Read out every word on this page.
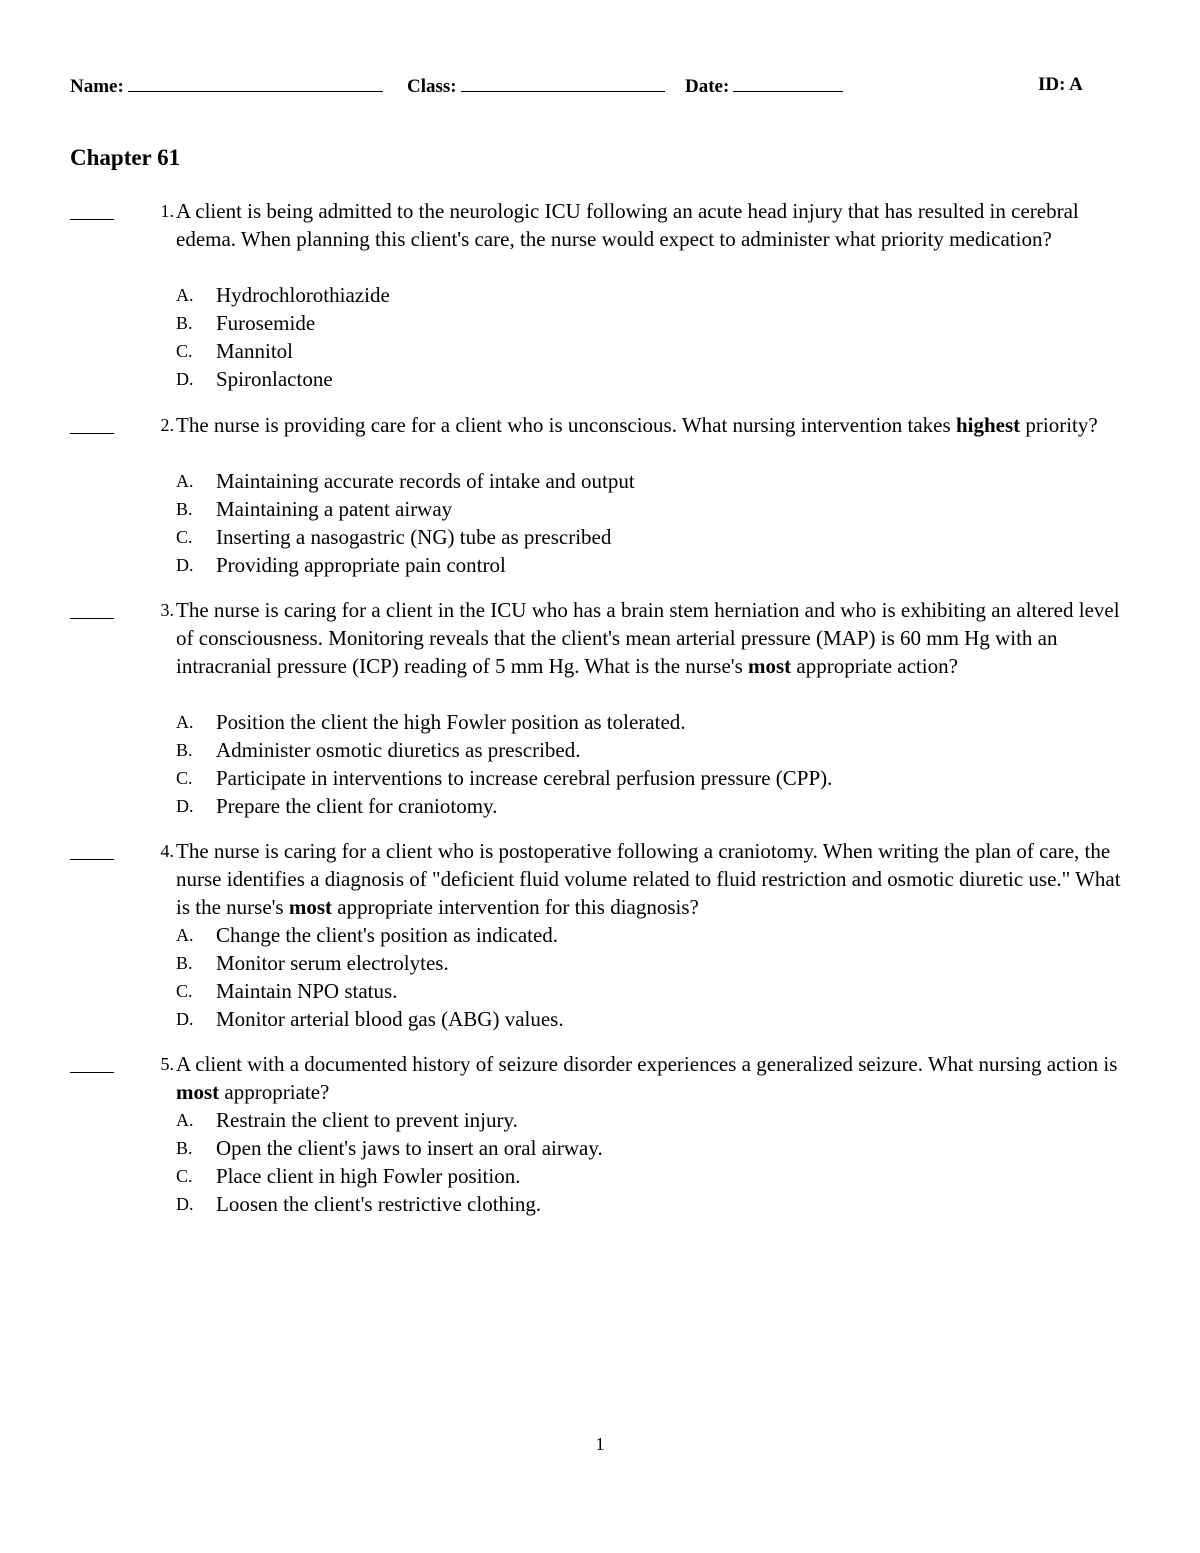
Name:	Class:	Date:	ID: A
Chapter 61
1. A client is being admitted to the neurologic ICU following an acute head injury that has resulted in cerebral edema. When planning this client's care, the nurse would expect to administer what priority medication?
A. Hydrochlorothiazide
B. Furosemide
C. Mannitol
D. Spironlactone
2. The nurse is providing care for a client who is unconscious. What nursing intervention takes highest priority?
A. Maintaining accurate records of intake and output
B. Maintaining a patent airway
C. Inserting a nasogastric (NG) tube as prescribed
D. Providing appropriate pain control
3. The nurse is caring for a client in the ICU who has a brain stem herniation and who is exhibiting an altered level of consciousness. Monitoring reveals that the client's mean arterial pressure (MAP) is 60 mm Hg with an intracranial pressure (ICP) reading of 5 mm Hg. What is the nurse's most appropriate action?
A. Position the client the high Fowler position as tolerated.
B. Administer osmotic diuretics as prescribed.
C. Participate in interventions to increase cerebral perfusion pressure (CPP).
D. Prepare the client for craniotomy.
4. The nurse is caring for a client who is postoperative following a craniotomy. When writing the plan of care, the nurse identifies a diagnosis of "deficient fluid volume related to fluid restriction and osmotic diuretic use." What is the nurse's most appropriate intervention for this diagnosis?
A. Change the client's position as indicated.
B. Monitor serum electrolytes.
C. Maintain NPO status.
D. Monitor arterial blood gas (ABG) values.
5. A client with a documented history of seizure disorder experiences a generalized seizure. What nursing action is most appropriate?
A. Restrain the client to prevent injury.
B. Open the client's jaws to insert an oral airway.
C. Place client in high Fowler position.
D. Loosen the client's restrictive clothing.
1
